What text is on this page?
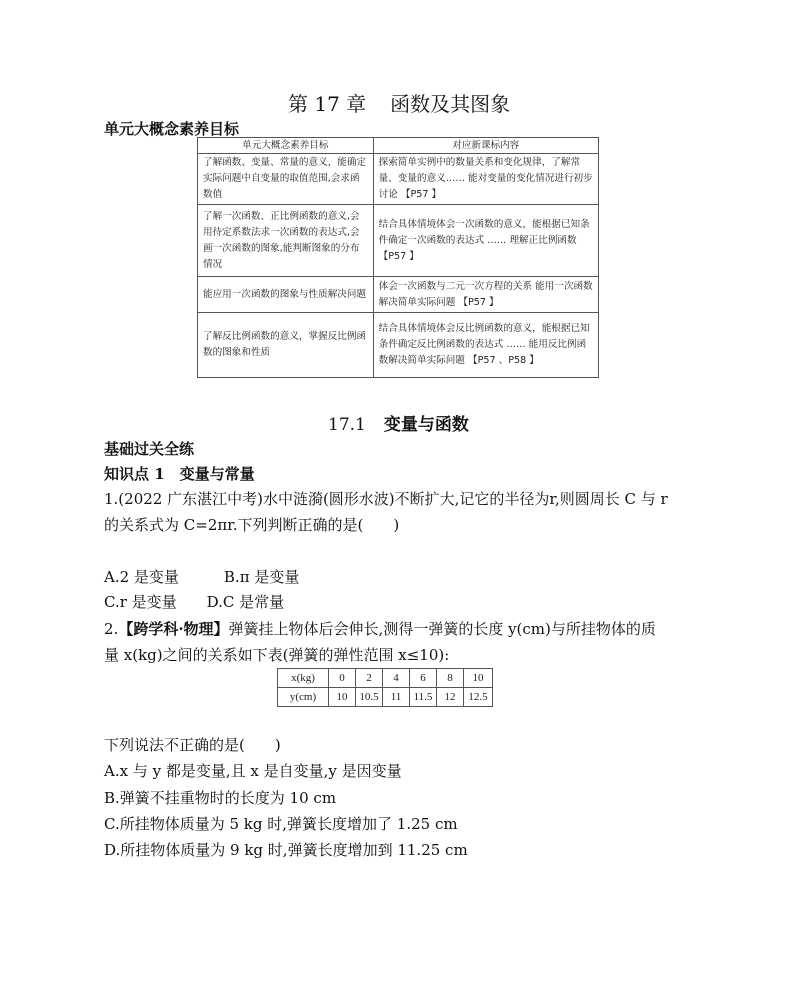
第 17 章 函数及其图象
单元大概念素养目标
单元大概念素养目标	对应新课标内容
了解函数、变量、常量的意义，能确定实际问题中自变量的取值范围,会求函数值	探索简单实例中的数量关系和变化规律，了解常量、变量的意义…… 能对变量的变化情况进行初步讨论 【P57 】
了解一次函数、正比例函数的意义,会用待定系数法求一次函数的表达式,会画一次函数的图象,能判断图象的分布情况	结合具体情境体会一次函数的意义，能根据已知条件确定一次函数的表达式 …… 理解正比例函数【P57 】
能应用一次函数的图象与性质解决问题	体会一次函数与二元一次方程的关系 能用一次函数解决简单实际问题 【P57 】
了解反比例函数的意义，掌握反比例函数的图象和性质	结合具体情境体会反比例函数的意义，能根据已知条件确定反比例函数的表达式 …… 能用反比例函数解决简单实际问题 【P57 、P58 】
17.1 变量与函数
基础过关全练
知识点 1　变量与常量
1.(2022 广东湛江中考)水中涟漪(圆形水波)不断扩大,记它的半径为r,则圆周长 C 与 r
的关系式为 C=2πr.下列判断正确的是(　　)
A.2 是变量　　　B.π 是变量
C.r 是变量　　D.C 是常量
2.【跨学科·物理】弹簧挂上物体后会伸长,测得一弹簧的长度 y(cm)与所挂物体的质
量 x(kg)之间的关系如下表(弹簧的弹性范围 x≤10):
x(kg)	0	2	4	6	8	10
y(cm)	10	10.5	11	11.5	12	12.5
下列说法不正确的是(　　)
A.x 与 y 都是变量,且 x 是自变量,y 是因变量
B.弹簧不挂重物时的长度为 10 cm
C.所挂物体质量为 5 kg 时,弹簧长度增加了 1.25 cm
D.所挂物体质量为 9 kg 时,弹簧长度增加到 11.25 cm
